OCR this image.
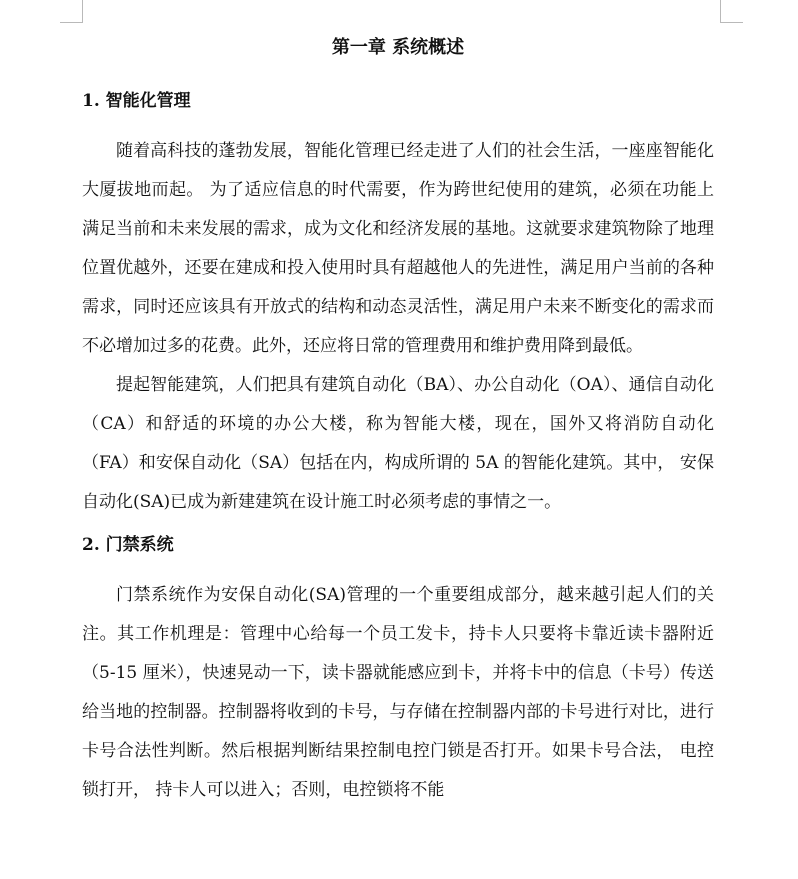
第一章 系统概述
1. 智能化管理

随着高科技的蓬勃发展，智能化管理已经走进了人们的社会生活，一座座智能化大厦拔地而起。 为了适应信息的时代需要，作为跨世纪使用的建筑，必须在功能上满足当前和未来发展的需求，成为文化和经济发展的基地。这就要求建筑物除了地理位置优越外，还要在建成和投入使用时具有超越他人的先进性，满足用户当前的各种需求，同时还应该具有开放式的结构和动态灵活性，满足用户未来不断变化的需求而不必增加过多的花费。此外，还应将日常的管理费用和维护费用降到最低。

提起智能建筑，人们把具有建筑自动化（BA）、办公自动化（OA）、通信自动化（CA）和舒适的环境的办公大楼，称为智能大楼，现在，国外又将消防自动化（FA）和安保自动化（SA）包括在内，构成所谓的 5A 的智能化建筑。其中， 安保自动化(SA)已成为新建建筑在设计施工时必须考虑的事情之一。

2. 门禁系统

门禁系统作为安保自动化(SA)管理的一个重要组成部分，越来越引起人们的关注。其工作机理是：管理中心给每一个员工发卡，持卡人只要将卡靠近读卡器附近（5-15 厘米），快速晃动一下，读卡器就能感应到卡，并将卡中的信息（卡号）传送给当地的控制器。控制器将收到的卡号，与存储在控制器内部的卡号进行对比，进行卡号合法性判断。然后根据判断结果控制电控门锁是否打开。如果卡号合法， 电控锁打开， 持卡人可以进入；否则，电控锁将不能
